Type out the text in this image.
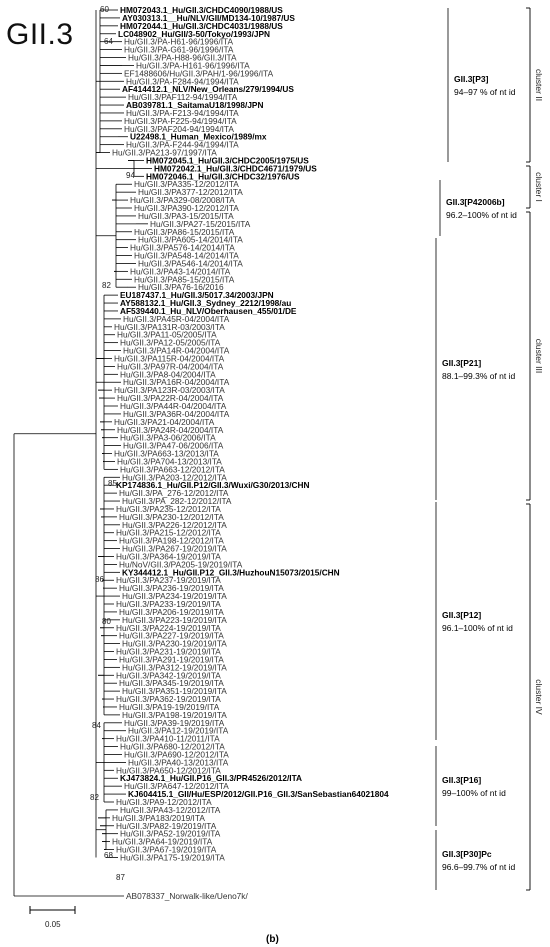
GII.3
HM072043.1_Hu/GII.3/CHDC4090/1988/US
AY030313.1__Hu/NLV/GII/MD134-10/1987/US
HM072044.1_Hu/GII.3/CHDC4031/1988/US
LC048902_Hu/GII/3-50/Tokyo/1993/JPN
Hu/GII.3/PA-H61-96/1996/ITA
Hu/GII.3/PA-G61-96/1996/ITA
Hu/GII.3/PA-H88-96/GII.3/ITA
Hu/GII.3/PA-H161-96/1996/ITA
EF1488606/Hu/GII.3/PAH/1-96/1996/ITA
Hu/GII.3/PA-F284-94/1994/ITA
AF414412.1_NLV/New_Orleans/279/1994/US
Hu/GII.3/PAF112-94/1994/ITA
AB039781.1_SaitamaU18/1998/JPN
Hu/GII.3/PA-F213-94/1994/ITA
Hu/GII.3/PA-F225-94/1994/ITA
Hu/GII.3/PAF204-94/1994/ITA
U22498.1_Human_Mexico/1989/mx
Hu/GII.3/PA-F244-94/1994/ITA
Hu/GII.3/PA213-97/1997/ITA
HM072045.1_Hu/GII.3/CHDC2005/1975/US
HM072042.1_Hu/GII.3/CHDC4671/1979/US
HM072046.1_Hu/GII.3/CHDC32/1976/US
Hu/GII.3/PA335-12/2012/ITA
Hu/GII.3/PA377-12/2012/ITA
Hu/GII.3/PA329-08/2008/ITA
Hu/GII.3/PA390-12/2012/ITA
Hu/GII.3/PA3-15/2015/ITA
Hu/GII.3/PA27-15/2015/ITA
Hu/GII.3/PA86-15/2015/ITA
Hu/GII.3/PA605-14/2014/ITA
Hu/GII.3/PA576-14/2014/ITA
Hu/GII.3/PA548-14/2014/ITA
Hu/GII.3/PA546-14/2014/ITA
Hu/GII.3/PA43-14/2014/ITA
Hu/GII.3/PA85-15/2015/ITA
Hu/GII.3/PA76-16/2016
EU187437.1_Hu/GII.3/5017.34/2003/JPN
AY588132.1_Hu/GII.3_Sydney_2212/1998/au
AF539440.1_Hu_NLV/Oberhausen_455/01/DE
Hu/GII.3/PA45R-04/2004/ITA
Hu/GII.3/PA131R-03/2003/ITA
Hu/GII.3/PA11-05/2005/ITA
Hu/GII.3/PA12-05/2005/ITA
Hu/GII.3/PA14R-04/2004/ITA
Hu/GII.3/PA115R-04/2004/ITA
Hu/GII.3/PA97R-04/2004/ITA
Hu/GII.3/PA8-04/2004/ITA
Hu/GII.3/PA16R-04/2004/ITA
Hu/GII.3/PA123R-03/2003/ITA
Hu/GII.3/PA22R-04/2004/ITA
Hu/GII.3/PA44R-04/2004/ITA
Hu/GII.3/PA36R-04/2004/ITA
Hu/GII.3/PA21-04/2004/ITA
Hu/GII.3/PA24R-04/2004/ITA
Hu/GII.3/PA3-06/2006/ITA
Hu/GII.3/PA47-06/2006/ITA
Hu/GII.3/PA663-13/2013/ITA
Hu/GII.3/PA704-13/2013/ITA
Hu/GII.3/PA663-12/2012/ITA
Hu/GII.3/PA203-12/2012/ITA
KP174836.1_Hu/GII.P12/GII.3/Wuxi/G30/2013/CHN
Hu/GII.3/PA_276-12/2012/ITA
Hu/GII.3/PA_282-12/2012/ITA
Hu/GII.3/PA235-12/2012/ITA
Hu/GII.3/PA230-12/2012/ITA
Hu/GII.3/PA226-12/2012/ITA
Hu/GII.3/PA215-12/2012/ITA
Hu/GII.3/PA198-12/2012/ITA
Hu/GII.3/PA267-19/2019/ITA
Hu/GII.3/PA364-19/2019/ITA
Hu/NoV/GII.3/PA205-19/2019/ITA
KY344412.1_Hu/GII.P12_GII.3/HuzhouN15073/2015/CHN
Hu/GII.3/PA237-19/2019/ITA
Hu/GII.3/PA236-19/2019/ITA
Hu/GII.3/PA234-19/2019/ITA
Hu/GII.3/PA233-19/2019/ITA
Hu/GII.3/PA206-19/2019/ITA
Hu/GII.3/PA223-19/2019/ITA
Hu/GII.3/PA224-19/2019/ITA
Hu/GII.3/PA227-19/2019/ITA
Hu/GII.3/PA230-19/2019/ITA
Hu/GII.3/PA231-19/2019/ITA
Hu/GII.3/PA291-19/2019/ITA
Hu/GII.3/PA312-19/2019/ITA
Hu/GII.3/PA342-19/2019/ITA
Hu/GII.3/PA345-19/2019/ITA
Hu/GII.3/PA351-19/2019/ITA
Hu/GII.3/PA362-19/2019/ITA
Hu/GII.3/PA19-19/2019/ITA
Hu/GII.3/PA198-19/2019/ITA
Hu/GII.3/PA39-19/2019/ITA
Hu/GII.3/PA12-19/2019/ITA
Hu/GII.3/PA410-11/2011/ITA
Hu/GII.3/PA680-12/2012/ITA
Hu/GII.3/PA690-12/2012/ITA
Hu/GII.3/PA40-13/2013/ITA
Hu/GII.3/PA650-12/2012/ITA
KJ473824.1_Hu/GII.P16_GII.3/PR4526/2012/ITA
Hu/GII.3/PA647-12/2012/ITA
KJ604415.1_GII/Hu/ESP/2012/GII.P16_GII.3/SanSebastian64021804
Hu/GII.3/PA9-12/2012/ITA
Hu/GII.3/PA43-12/2012/ITA
Hu/GII.3/PA183/2019/ITA
Hu/GII.3/PA82-19/2019/ITA
Hu/GII.3/PA52-19/2019/ITA
Hu/GII.3/PA64-19/2019/ITA
Hu/GII.3/PA67-19/2019/ITA
Hu/GII.3/PA175-19/2019/ITA
60
64
94
82
85
86
80
84
82
68
87
GII.3[P3]
94–97 % of nt id
GII.3[P42006b]
96.2–100% of nt id
GII.3[P21]
88.1–99.3% of nt id
GII.3[P12]
96.1–100% of nt id
GII.3[P16]
99–100% of nt id
GII.3[P30]Pc
96.6–99.7% of nt id
cluster II
cluster I
cluster III
cluster IV
0.05
AB078337_Norwalk-like/Ueno7k/
(b)
